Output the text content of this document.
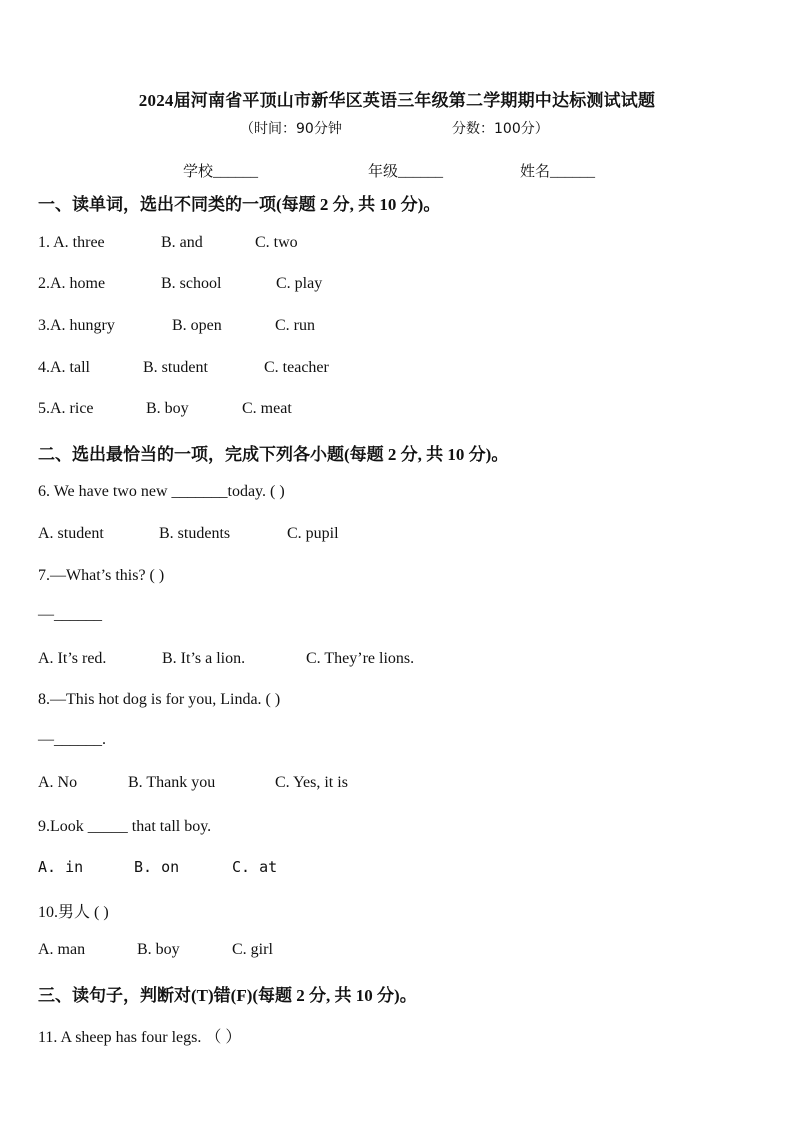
2024届河南省平顶山市新华区英语三年级第二学期期中达标测试试题
（时间：90分钟	分数：100分）
学校______	年级______	姓名______
一、读单词，选出不同类的一项(每题 2 分, 共 10 分)。
1. A. three	B. and	C. two
2.A. home	B. school	C. play
3.A. hungry	B. open	C. run
4.A. tall	B. student	C. teacher
5.A. rice	B. boy	C. meat
二、选出最恰当的一项，完成下列各小题(每题 2 分, 共 10 分)。
6. We have two new _______today. ( )
A. student	B. students	C. pupil
7.—What’s this? ( )
—______
A. It’s red.	B. It’s a lion.	C. They’re lions.
8.—This hot dog is for you, Linda. ( )
—______.
A. No	B. Thank you	C. Yes, it is
9.Look _____ that tall boy.
A. in	B. on	C. at
10.男人 ( )
A. man	B. boy	C. girl
三、读句子，判断对(T)错(F)(每题 2 分, 共 10 分)。
11. A sheep has four legs. （ ）
